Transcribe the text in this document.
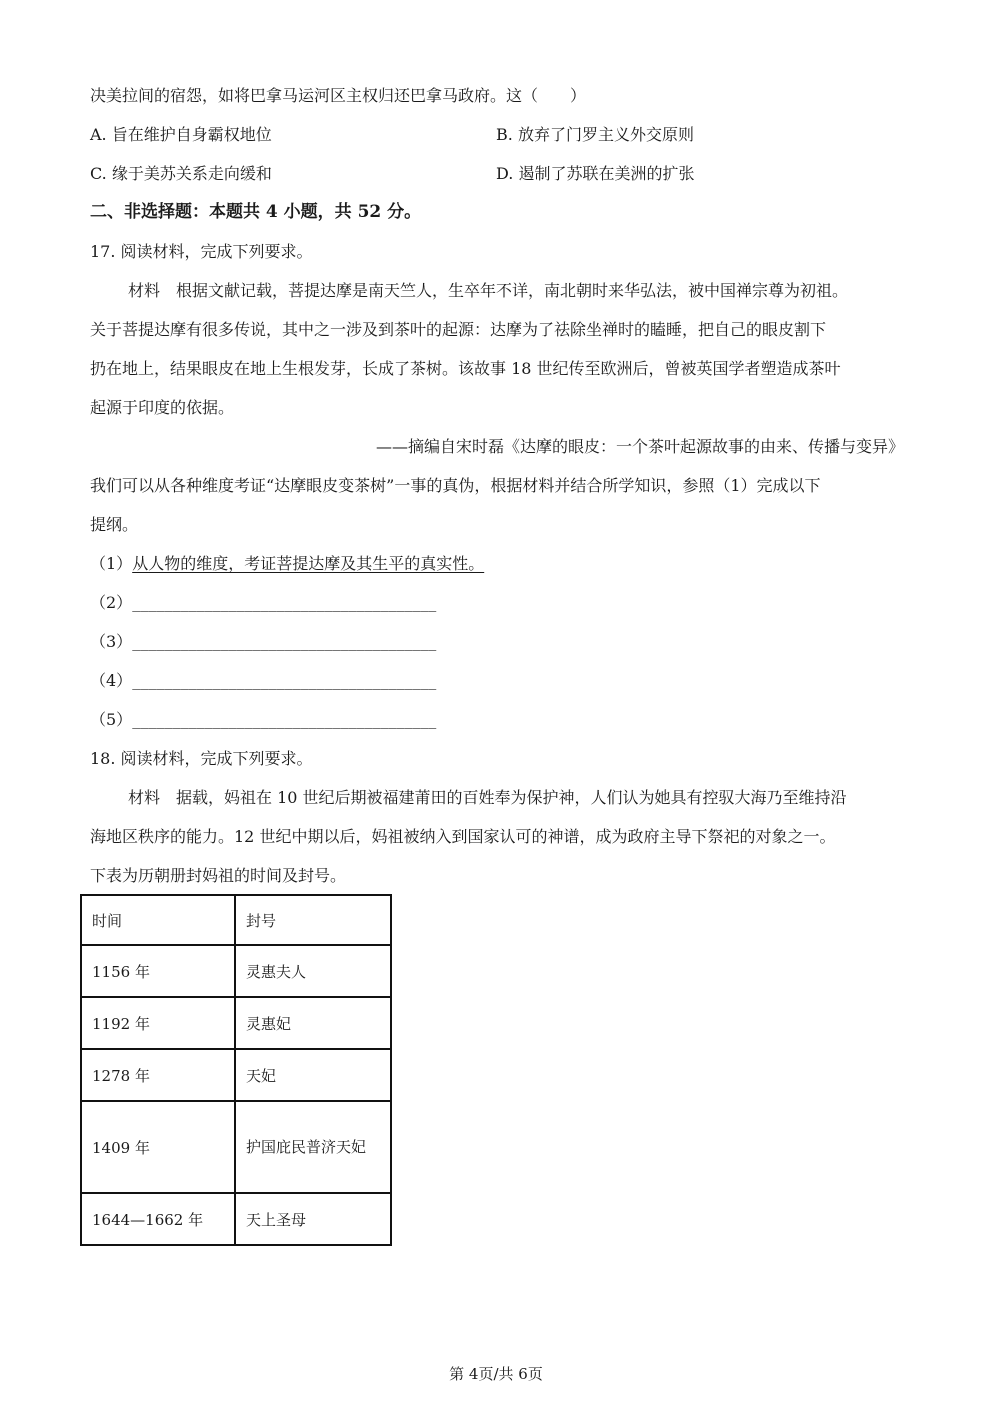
决美拉间的宿怨，如将巴拿马运河区主权归还巴拿马政府。这（　　）
A. 旨在维护自身霸权地位	B. 放弃了门罗主义外交原则
C. 缘于美苏关系走向缓和	D. 遏制了苏联在美洲的扩张
二、非选择题：本题共 4 小题，共 52 分。
17. 阅读材料，完成下列要求。
材料　根据文献记载，菩提达摩是南天竺人，生卒年不详，南北朝时来华弘法，被中国禅宗尊为初祖。
关于菩提达摩有很多传说，其中之一涉及到茶叶的起源：达摩为了祛除坐禅时的瞌睡，把自己的眼皮割下
扔在地上，结果眼皮在地上生根发芽，长成了茶树。该故事 18 世纪传至欧洲后，曾被英国学者塑造成茶叶
起源于印度的依据。
——摘编自宋时磊《达摩的眼皮：一个茶叶起源故事的由来、传播与变异》
我们可以从各种维度考证“达摩眼皮变茶树”一事的真伪，根据材料并结合所学知识，参照（1）完成以下
提纲。
（1）从人物的维度，考证菩提达摩及其生平的真实性。
（2）______________________________________
（3）______________________________________
（4）______________________________________
（5）______________________________________
18. 阅读材料，完成下列要求。
材料　据载，妈祖在 10 世纪后期被福建莆田的百姓奉为保护神，人们认为她具有控驭大海乃至维持沿
海地区秩序的能力。12 世纪中期以后，妈祖被纳入到国家认可的神谱，成为政府主导下祭祀的对象之一。
下表为历朝册封妈祖的时间及封号。
时间	封号
1156 年	灵惠夫人
1192 年	灵惠妃
1278 年	天妃
1409 年	护国庇民普济天妃
1644—1662 年	天上圣母
第 4页/共 6页
